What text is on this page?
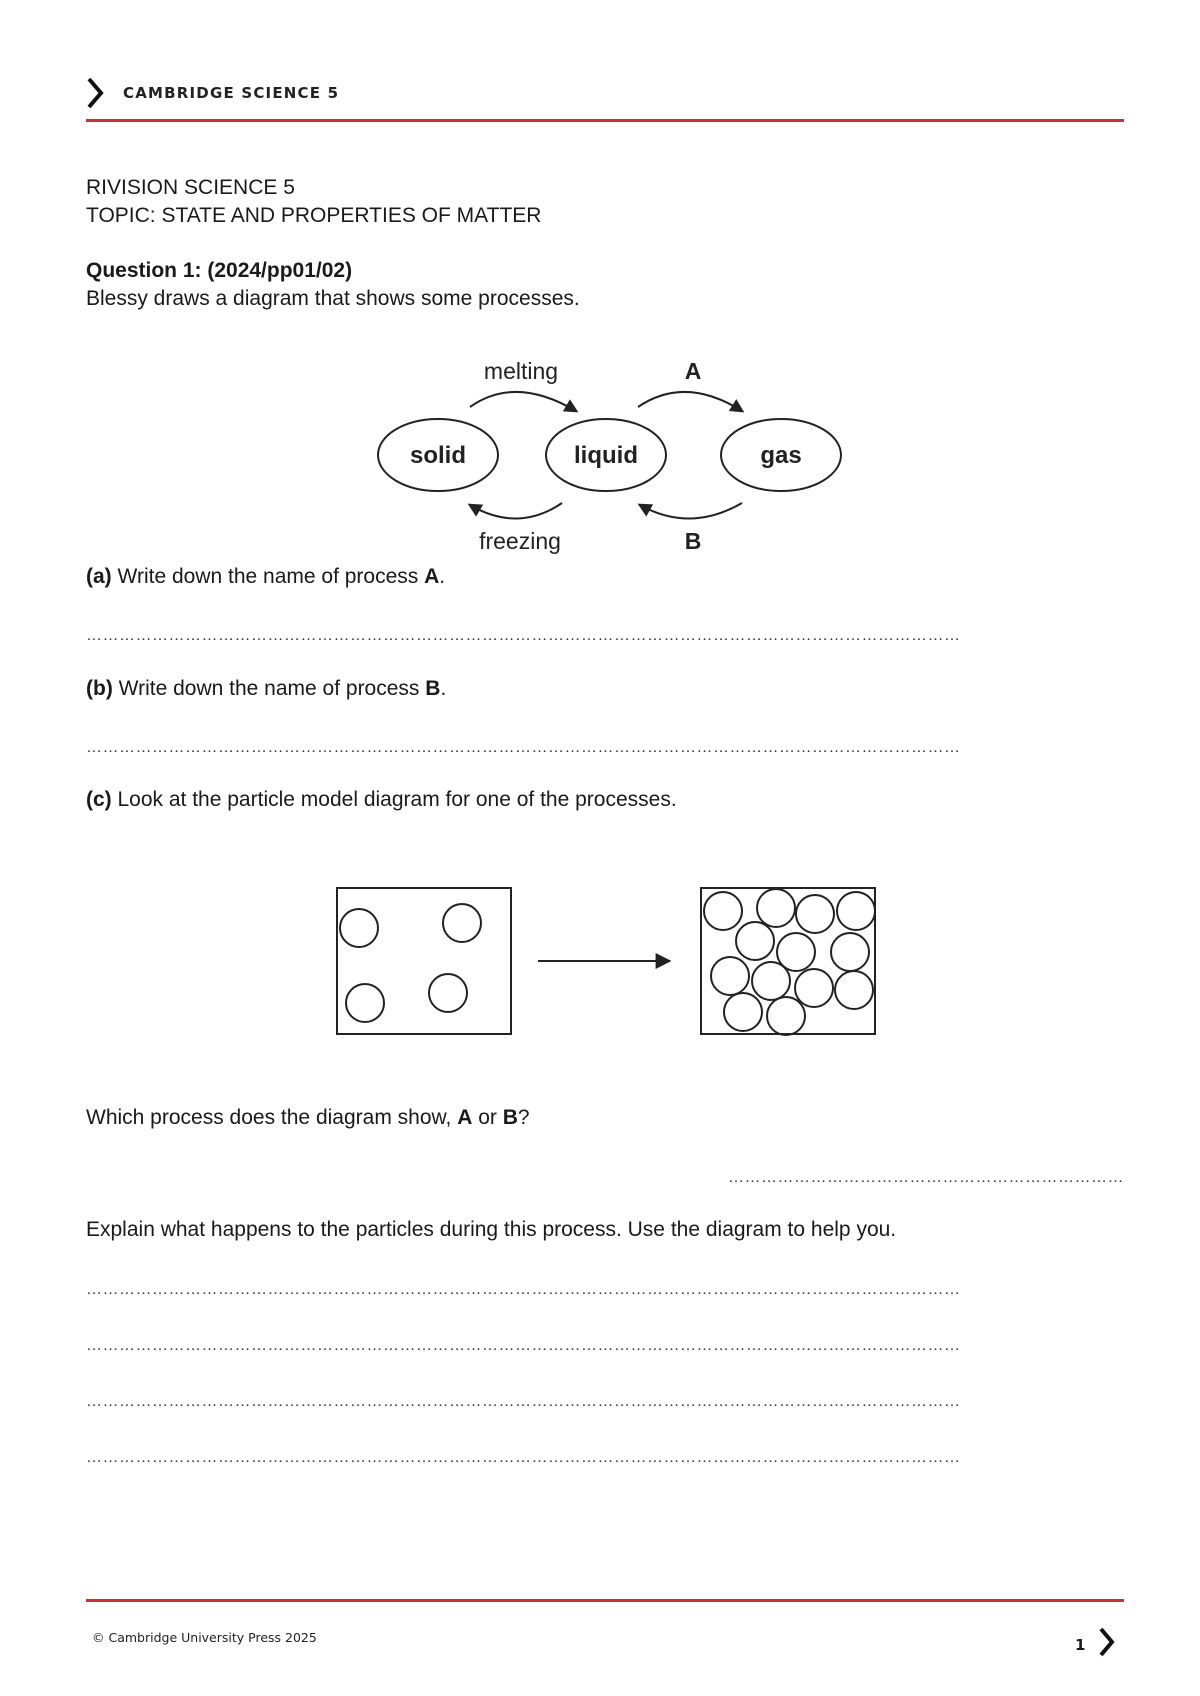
CAMBRIDGE SCIENCE 5
RIVISION SCIENCE 5
TOPIC: STATE AND PROPERTIES OF MATTER
Question 1: (2024/pp01/02)
Blessy draws a diagram that shows some processes.
solid	liquid	gas
melting	A
freezing	B
(a) Write down the name of process A.
……………………………………………………………………………………………………………………………………………
(b) Write down the name of process B.
……………………………………………………………………………………………………………………………………………
(c) Look at the particle model diagram for one of the processes.
Which process does the diagram show, A or B?
………………………………………………………………
Explain what happens to the particles during this process. Use the diagram to help you.
……………………………………………………………………………………………………………………………………………
……………………………………………………………………………………………………………………………………………
……………………………………………………………………………………………………………………………………………
……………………………………………………………………………………………………………………………………………
© Cambridge University Press 2025	1
